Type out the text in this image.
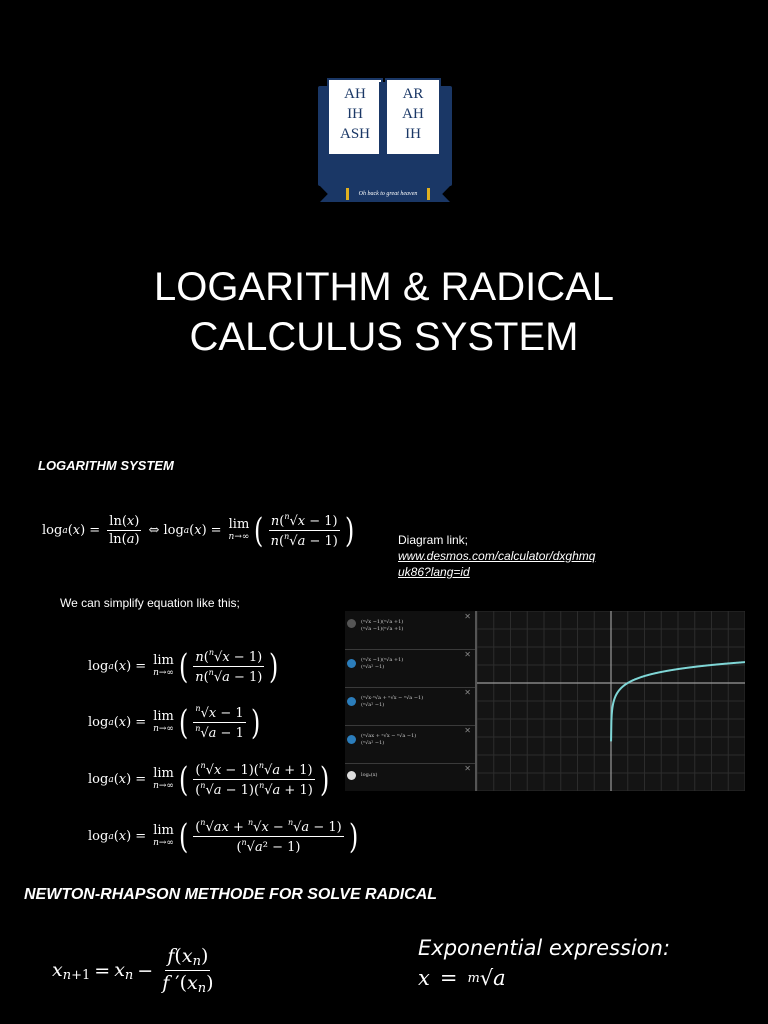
AH
IH
ASH
AR
AH
IH
Oh back to great heaven
LOGARITHM & RADICAL
CALCULUS SYSTEM
LOGARITHM SYSTEM
log a $(x) = \frac{\ln(x)}{\ln(a)}$ ⇔ log a (x) = lim
n→∞ ( $\frac{n(^n√x - 1)}{n(^n√a - 1)}$ )	Diagram link;
www.desmos.com/calculator/dxghmq
uk86?lang=id
We can simplify equation like this;
log a (x) = lim
n→∞ ( $\frac{n(^n√x - 1)}{n(^n√a - 1)}$ )
log a (x) = lim
n→∞ ( $\frac{^n√x - 1}{^n√a - 1}$ )
log a (x) = lim
n→∞ ( $\frac{(^n√x - 1)(^n√a + 1)}{(^n√a - 1)(^n√a + 1)}$ )
log a (x) = lim
n→∞ ( $\frac{(^n√ax + ^n√x - ^n√a - 1)}{(^n√a^2 - 1)}$ )
(ⁿ√x −1)(ⁿ√a +1)
(ⁿ√a −1)(ⁿ√a +1)
✕
(ⁿ√x −1)(ⁿ√a +1)
(ⁿ√a² −1)
✕
(ⁿ√x·ⁿ√a + ⁿ√x − ⁿ√a −1)
(ⁿ√a² −1)
✕
(ⁿ√ax + ⁿ√x − ⁿ√a −1)
(ⁿ√a² −1)
✕
logₐ(x)
✕
NEWTON-RHAPSON METHODE FOR SOLVE RADICAL
xn+1 = xn − $\frac{f(xn)}{f '(xn)}$	Exponential expression:
x = m √a
